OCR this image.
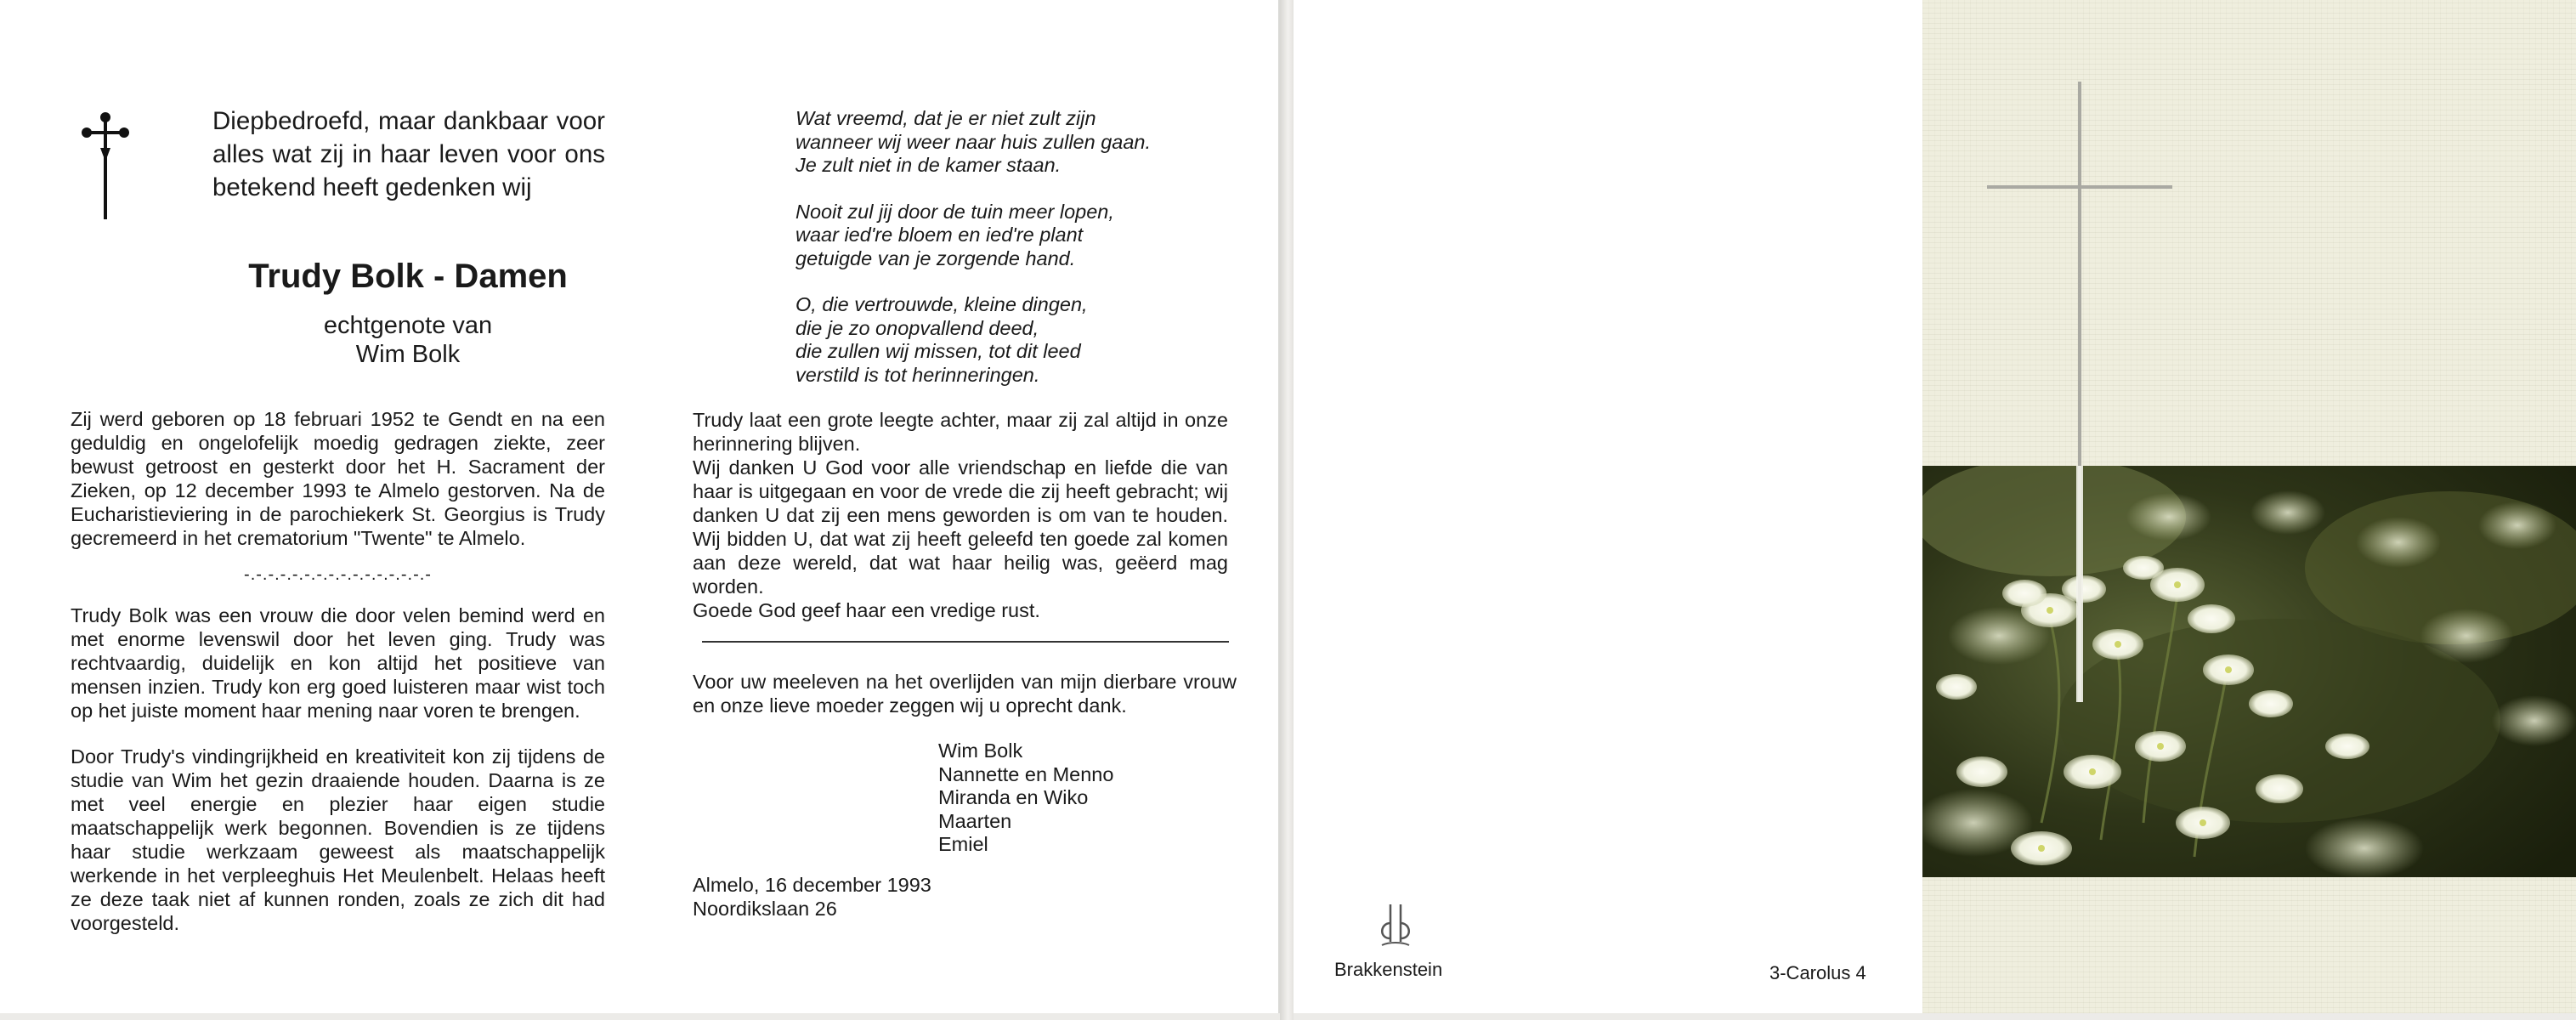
Diepbedroefd, maar dankbaar voor alles wat zij in haar leven voor ons betekend heeft gedenken wij
Trudy Bolk - Damen
echtgenote van
Wim Bolk
Zij werd geboren op 18 februari 1952 te Gendt en na een geduldig en ongelofelijk moedig gedragen ziekte, zeer bewust getroost en gesterkt door het H. Sacrament der Zieken, op 12 december 1993 te Almelo gestorven. Na de Eucharistieviering in de parochiekerk St. Georgius is Trudy gecremeerd in het crematorium "Twente" te Almelo.
-.-.-.-.-.-.-.-.-.-.-.-.-.-.-.-
Trudy Bolk was een vrouw die door velen bemind werd en met enorme levenswil door het leven ging. Trudy was rechtvaardig, duidelijk en kon altijd het positieve van mensen inzien. Trudy kon erg goed luisteren maar wist toch op het juiste moment haar mening naar voren te brengen.
Door Trudy's vindingrijkheid en kreativiteit kon zij tijdens de studie van Wim het gezin draaiende houden. Daarna is ze met veel energie en plezier haar eigen studie maatschappelijk werk begonnen. Bovendien is ze tijdens haar studie werkzaam geweest als maatschappelijk werkende in het verpleeghuis Het Meulenbelt. Helaas heeft ze deze taak niet af kunnen ronden, zoals ze zich dit had voorgesteld.
Wat vreemd, dat je er niet zult zijn
wanneer wij weer naar huis zullen gaan.
Je zult niet in de kamer staan.
Nooit zul jij door de tuin meer lopen,
waar ied're bloem en ied're plant
getuigde van je zorgende hand.
O, die vertrouwde, kleine dingen,
die je zo onopvallend deed,
die zullen wij missen, tot dit leed
verstild is tot herinneringen.
Trudy laat een grote leegte achter, maar zij zal altijd in onze herinnering blijven.
Wij danken U God voor alle vriendschap en liefde die van haar is uitgegaan en voor de vrede die zij heeft gebracht; wij danken U dat zij een mens geworden is om van te houden. Wij bidden U, dat wat zij heeft geleefd ten goede zal komen aan deze wereld, dat wat haar heilig was, geëerd mag worden.
Goede God geef haar een vredige rust.
Voor uw meeleven na het overlijden van mijn dierbare vrouw en onze lieve moeder zeggen wij u oprecht dank.
Wim Bolk
Nannette en Menno
Miranda en Wiko
Maarten
Emiel
Almelo, 16 december 1993
Noordikslaan 26
Brakkenstein	3-Carolus 4
